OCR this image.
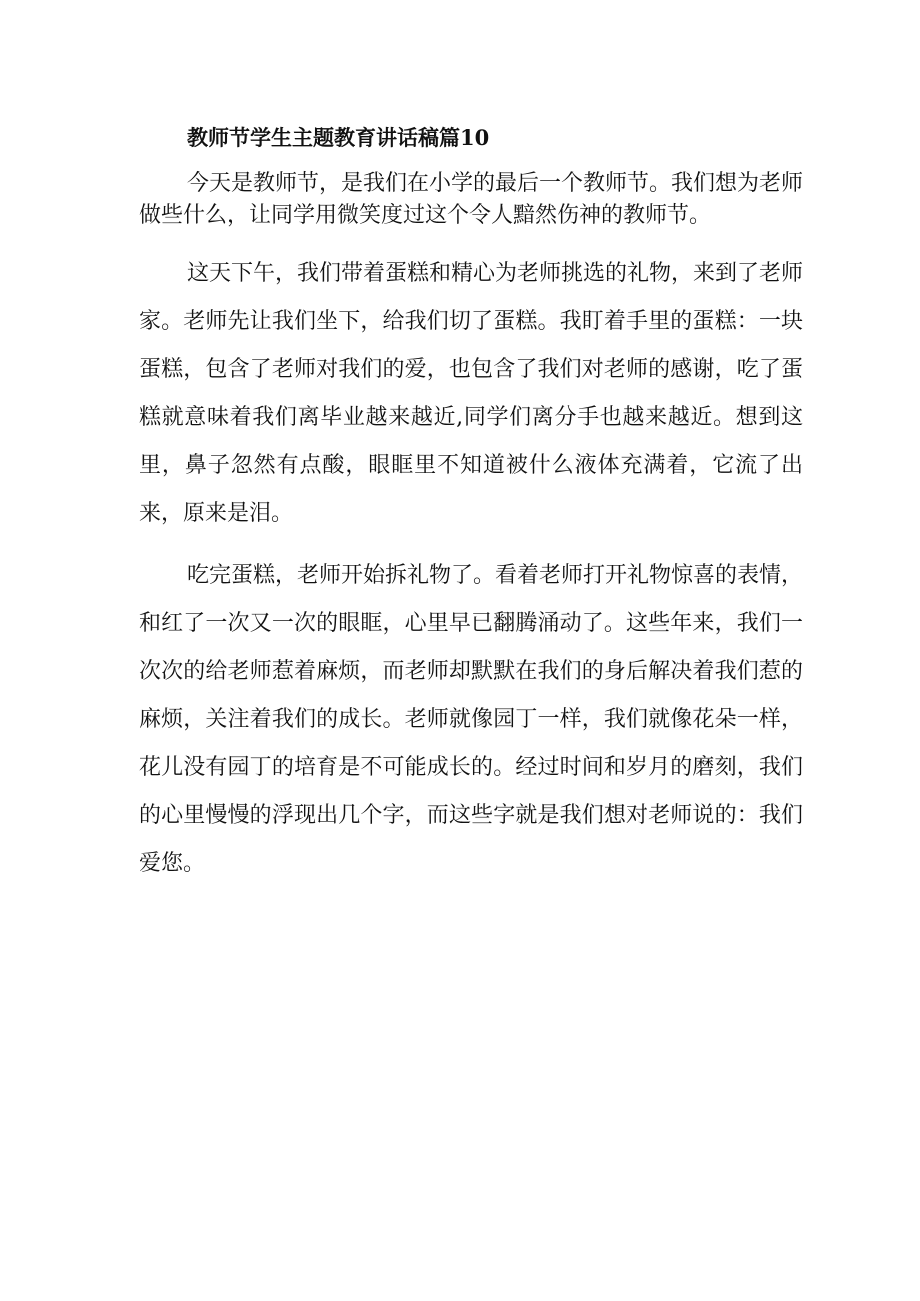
教师节学生主题教育讲话稿篇10

今天是教师节，是我们在小学的最后一个教师节。我们想为老师做些什么，让同学用微笑度过这个令人黯然伤神的教师节。

这天下午，我们带着蛋糕和精心为老师挑选的礼物，来到了老师家。老师先让我们坐下，给我们切了蛋糕。我盯着手里的蛋糕：一块蛋糕，包含了老师对我们的爱，也包含了我们对老师的感谢，吃了蛋糕就意味着我们离毕业越来越近,同学们离分手也越来越近。想到这里，鼻子忽然有点酸，眼眶里不知道被什么液体充满着，它流了出来，原来是泪。

吃完蛋糕，老师开始拆礼物了。看着老师打开礼物惊喜的表情，和红了一次又一次的眼眶，心里早已翻腾涌动了。这些年来，我们一次次的给老师惹着麻烦，而老师却默默在我们的身后解决着我们惹的麻烦，关注着我们的成长。老师就像园丁一样，我们就像花朵一样，花儿没有园丁的培育是不可能成长的。经过时间和岁月的磨刻，我们的心里慢慢的浮现出几个字，而这些字就是我们想对老师说的：我们爱您。
